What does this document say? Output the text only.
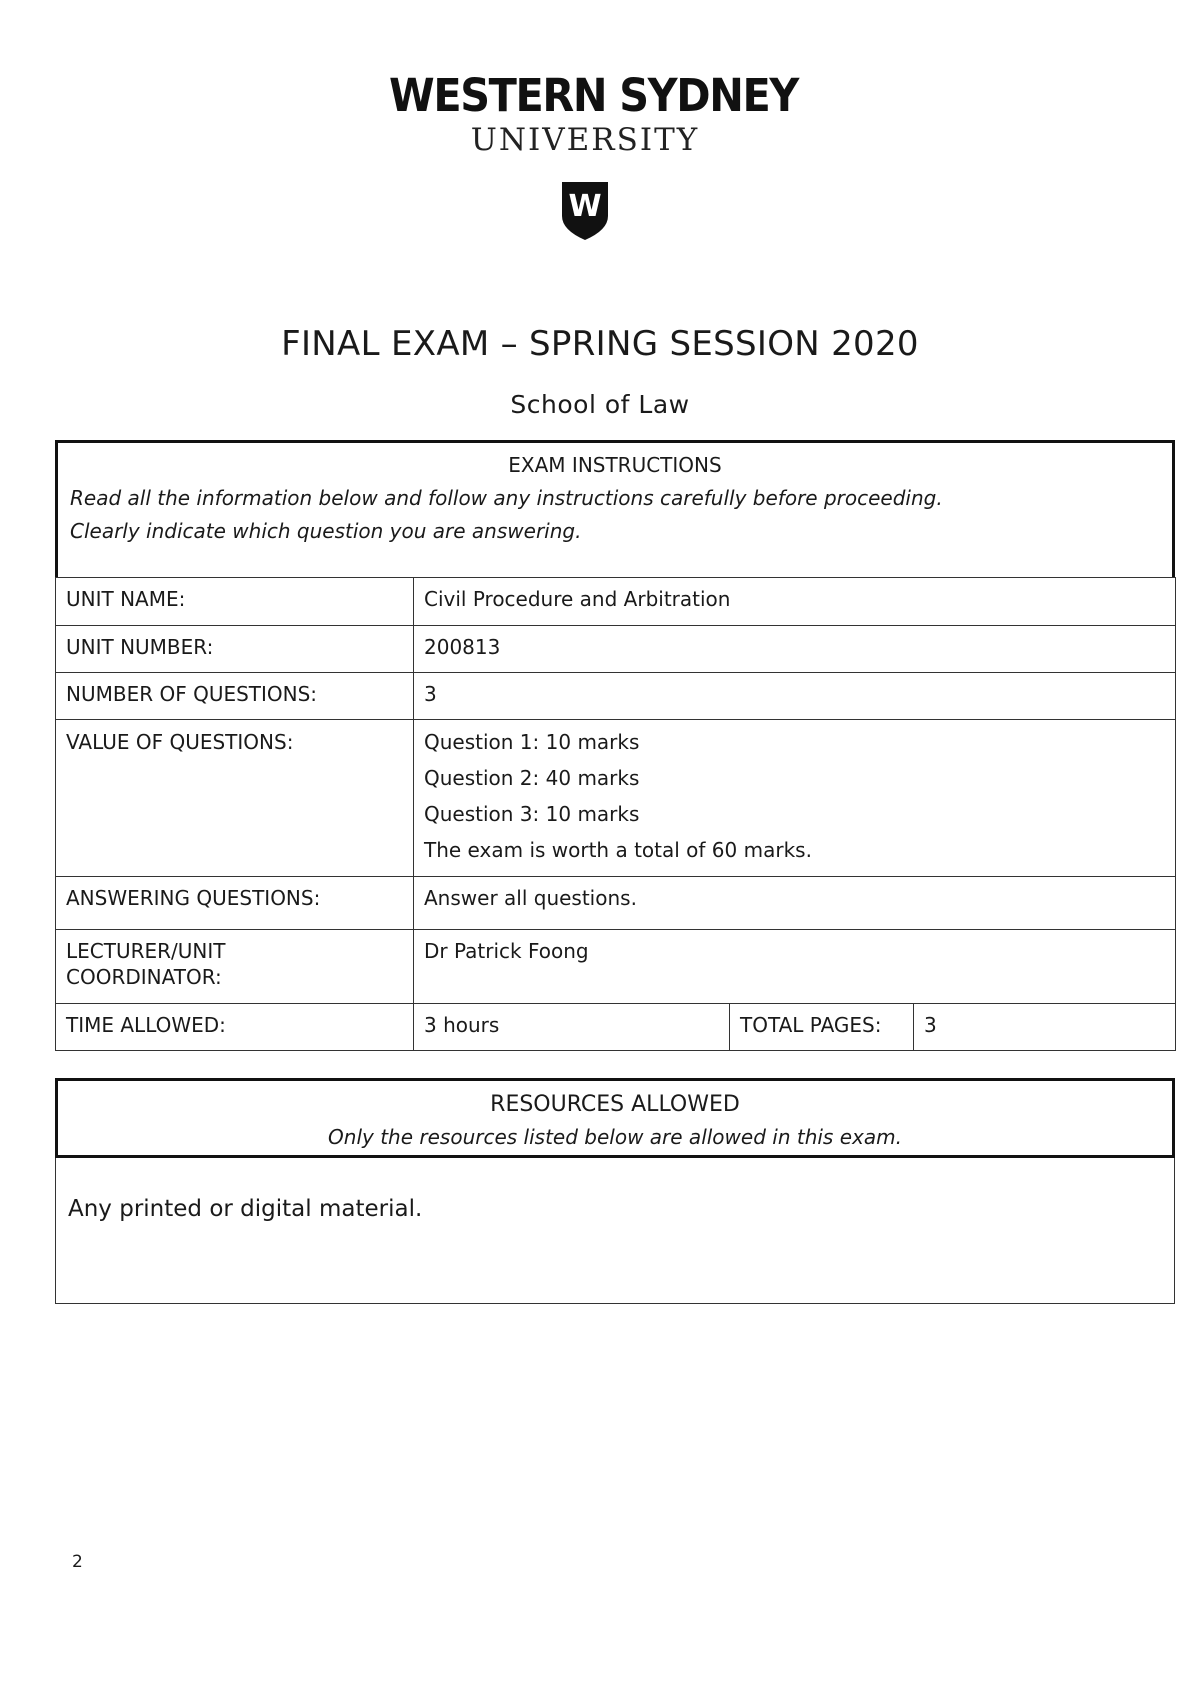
WESTERN SYDNEY
UNIVERSITY
W
FINAL EXAM – SPRING SESSION 2020
School of Law
EXAM INSTRUCTIONS
Read all the information below and follow any instructions carefully before proceeding.
Clearly indicate which question you are answering.
UNIT NAME:	Civil Procedure and Arbitration		
UNIT NUMBER:	200813		
NUMBER OF QUESTIONS:	3		
VALUE OF QUESTIONS:	Question 1: 10 marks
Question 2: 40 marks
Question 3: 10 marks
The exam is worth a total of 60 marks.		

ANSWERING QUESTIONS:	Answer all questions.		

LECTURER/UNIT
COORDINATOR:	Dr Patrick Foong		
TIME ALLOWED:	3 hours	TOTAL PAGES:	3
RESOURCES ALLOWED
Only the resources listed below are allowed in this exam.
Any printed or digital material.
2
